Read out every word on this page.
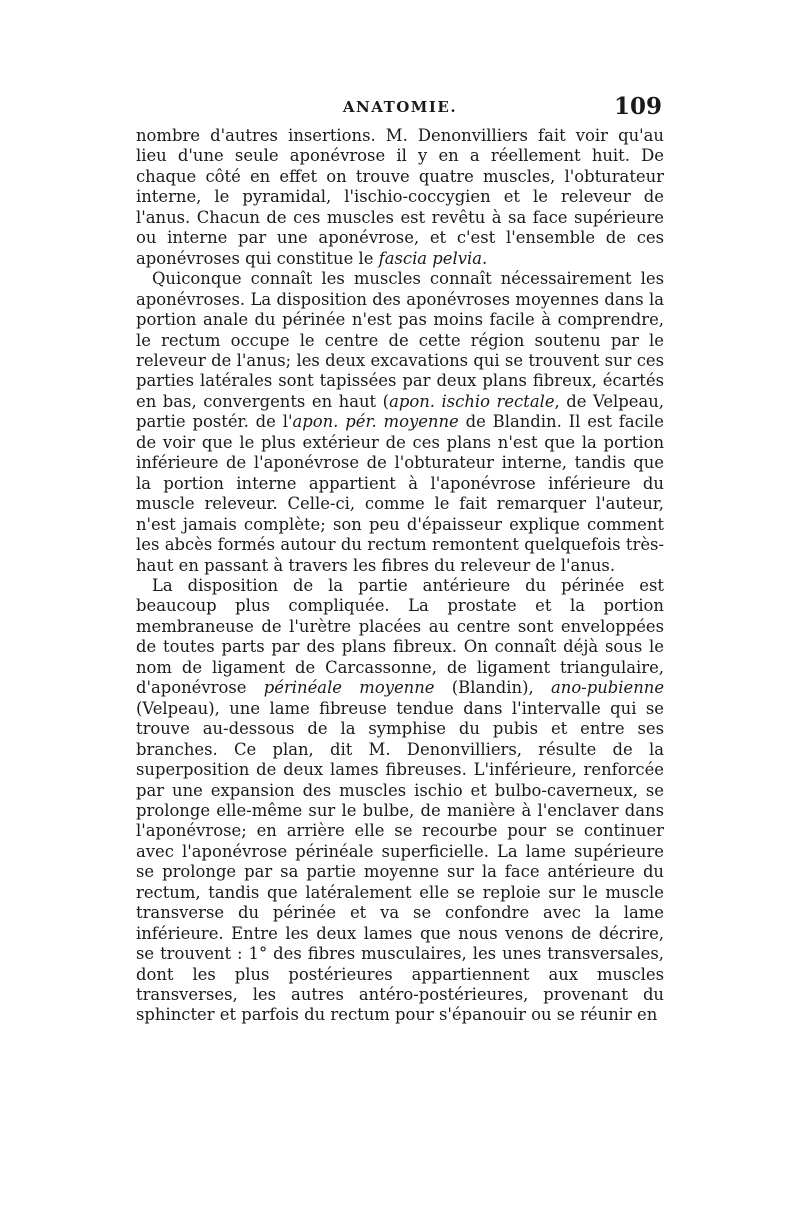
ANATOMIE.	109

nombre d'autres insertions. M. Denonvilliers fait voir qu'au lieu d'une seule aponévrose il y en a réellement huit. De chaque côté en effet on trouve quatre muscles, l'obturateur interne, le pyramidal, l'ischio-coccygien et le releveur de l'anus. Chacun de ces muscles est revêtu à sa face supérieure ou interne par une aponévrose, et c'est l'ensemble de ces aponévroses qui constitue le fascia pelvia.

Quiconque connaît les muscles connaît nécessairement les aponévroses. La disposition des aponévroses moyennes dans la portion anale du périnée n'est pas moins facile à comprendre, le rectum occupe le centre de cette région soutenu par le releveur de l'anus; les deux excavations qui se trouvent sur ces parties latérales sont tapissées par deux plans fibreux, écartés en bas, convergents en haut (apon. ischio rectale, de Velpeau, partie postér. de l'apon. pér. moyenne de Blandin. Il est facile de voir que le plus extérieur de ces plans n'est que la portion inférieure de l'aponévrose de l'obturateur interne, tandis que la portion interne appartient à l'aponévrose inférieure du muscle releveur. Celle-ci, comme le fait remarquer l'auteur, n'est jamais complète; son peu d'épaisseur explique comment les abcès formés autour du rectum remontent quelquefois très-haut en passant à travers les fibres du releveur de l'anus.

La disposition de la partie antérieure du périnée est beaucoup plus compliquée. La prostate et la portion membraneuse de l'urètre placées au centre sont enveloppées de toutes parts par des plans fibreux. On connaît déjà sous le nom de ligament de Carcassonne, de ligament triangulaire, d'aponévrose périnéale moyenne (Blandin), ano-pubienne (Velpeau), une lame fibreuse tendue dans l'intervalle qui se trouve au-dessous de la symphise du pubis et entre ses branches. Ce plan, dit M. Denonvilliers, résulte de la superposition de deux lames fibreuses. L'inférieure, renforcée par une expansion des muscles ischio et bulbo-caverneux, se prolonge elle-même sur le bulbe, de manière à l'enclaver dans l'aponévrose; en arrière elle se recourbe pour se continuer avec l'aponévrose périnéale superficielle. La lame supérieure se prolonge par sa partie moyenne sur la face antérieure du rectum, tandis que latéralement elle se reploie sur le muscle transverse du périnée et va se confondre avec la lame inférieure. Entre les deux lames que nous venons de décrire, se trouvent : 1° des fibres musculaires, les unes transversales, dont les plus postérieures appartiennent aux muscles transverses, les autres antéro-postérieures, provenant du sphincter et parfois du rectum pour s'épanouir ou se réunir en
